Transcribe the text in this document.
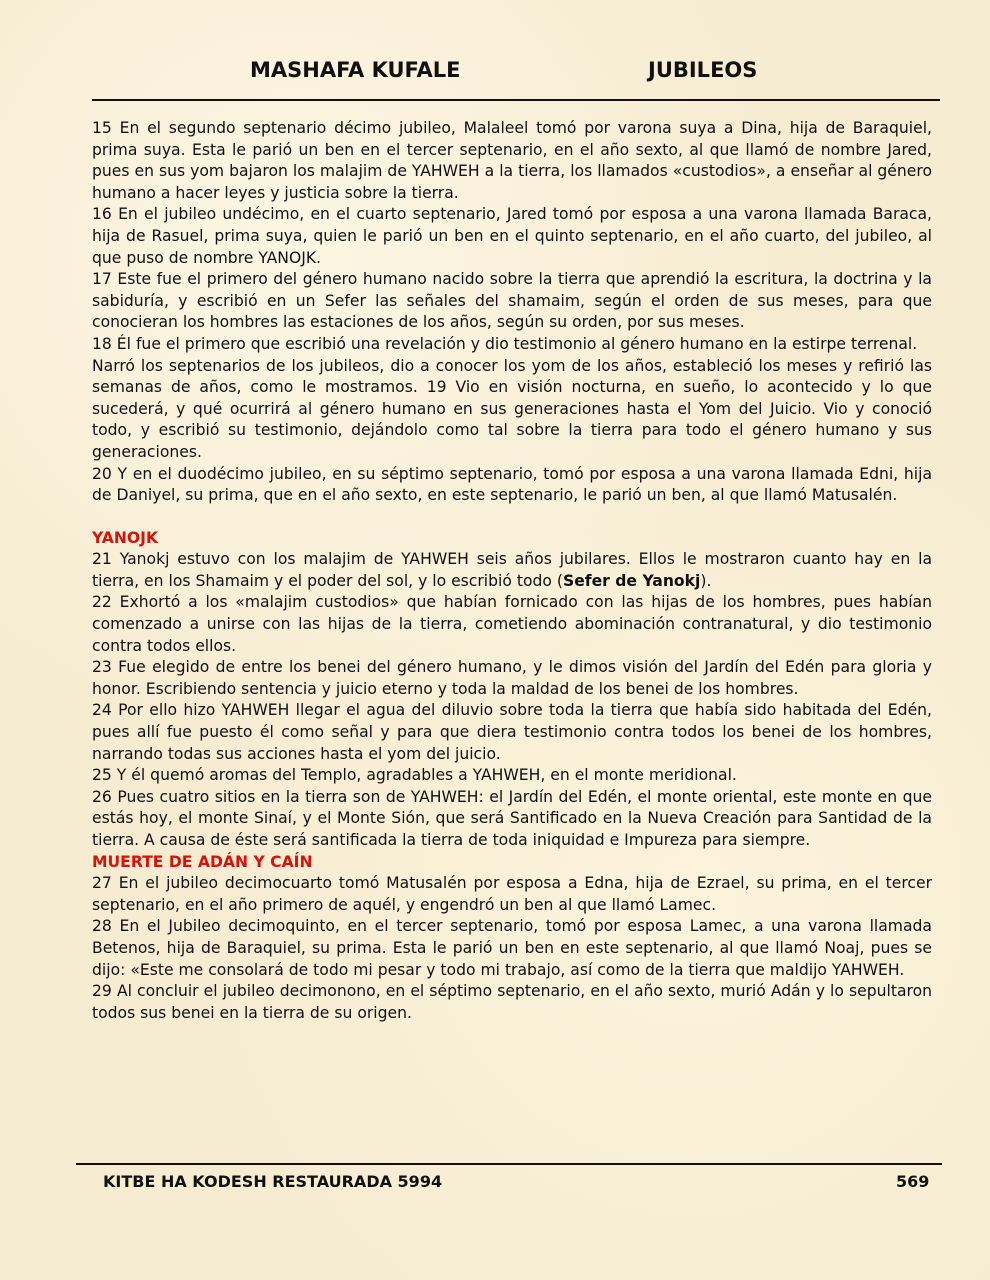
MASHAFA KUFALE	JUBILEOS

15 En el segundo septenario décimo jubileo, Malaleel tomó por varona suya a Dina, hija de Baraquiel, prima suya. Esta le parió un ben en el tercer septenario, en el año sexto, al que llamó de nombre Jared, pues en sus yom bajaron los malajim de YAHWEH a la tierra, los llamados «custodios», a enseñar al género humano a hacer leyes y justicia sobre la tierra.

16 En el jubileo undécimo, en el cuarto septenario, Jared tomó por esposa a una varona llamada Baraca, hija de Rasuel, prima suya, quien le parió un ben en el quinto septenario, en el año cuarto, del jubileo, al que puso de nombre YANOJK.

17 Este fue el primero del género humano nacido sobre la tierra que aprendió la escritura, la doctrina y la sabiduría, y escribió en un Sefer las señales del shamaim, según el orden de sus meses, para que conocieran los hombres las estaciones de los años, según su orden, por sus meses.

18 Él fue el primero que escribió una revelación y dio testimonio al género humano en la estirpe terrenal.

Narró los septenarios de los jubileos, dio a conocer los yom de los años, estableció los meses y refirió las semanas de años, como le mostramos. 19 Vio en visión nocturna, en sueño, lo acontecido y lo que sucederá, y qué ocurrirá al género humano en sus generaciones hasta el Yom del Juicio. Vio y conoció todo, y escribió su testimonio, dejándolo como tal sobre la tierra para todo el género humano y sus generaciones.

20 Y en el duodécimo jubileo, en su séptimo septenario, tomó por esposa a una varona llamada Edni, hija de Daniyel, su prima, que en el año sexto, en este septenario, le parió un ben, al que llamó Matusalén.

YANOJK

21 Yanokj estuvo con los malajim de YAHWEH seis años jubilares. Ellos le mostraron cuanto hay en la tierra, en los Shamaim y el poder del sol, y lo escribió todo (Sefer de Yanokj).

22 Exhortó a los «malajim custodios» que habían fornicado con las hijas de los hombres, pues habían comenzado a unirse con las hijas de la tierra, cometiendo abominación contranatural, y dio testimonio contra todos ellos.

23 Fue elegido de entre los benei del género humano, y le dimos visión del Jardín del Edén para gloria y honor. Escribiendo sentencia y juicio eterno y toda la maldad de los benei de los hombres.

24 Por ello hizo YAHWEH llegar el agua del diluvio sobre toda la tierra que había sido habitada del Edén, pues allí fue puesto él como señal y para que diera testimonio contra todos los benei de los hombres, narrando todas sus acciones hasta el yom del juicio.

25 Y él quemó aromas del Templo, agradables a YAHWEH, en el monte meridional.

26 Pues cuatro sitios en la tierra son de YAHWEH: el Jardín del Edén, el monte oriental, este monte en que estás hoy, el monte Sinaí, y el Monte Sión, que será Santificado en la Nueva Creación para Santidad de la tierra. A causa de éste será santificada la tierra de toda iniquidad e Impureza para siempre.

MUERTE DE ADÁN Y CAÍN

27 En el jubileo decimocuarto tomó Matusalén por esposa a Edna, hija de Ezrael, su prima, en el tercer septenario, en el año primero de aquél, y engendró un ben al que llamó Lamec.

28 En el Jubileo decimoquinto, en el tercer septenario, tomó por esposa Lamec, a una varona llamada Betenos, hija de Baraquiel, su prima. Esta le parió un ben en este septenario, al que llamó Noaj, pues se dijo: «Este me consolará de todo mi pesar y todo mi trabajo, así como de la tierra que maldijo YAHWEH.

29 Al concluir el jubileo decimonono, en el séptimo septenario, en el año sexto, murió Adán y lo sepultaron todos sus benei en la tierra de su origen.

KITBE HA KODESH RESTAURADA 5994	569
